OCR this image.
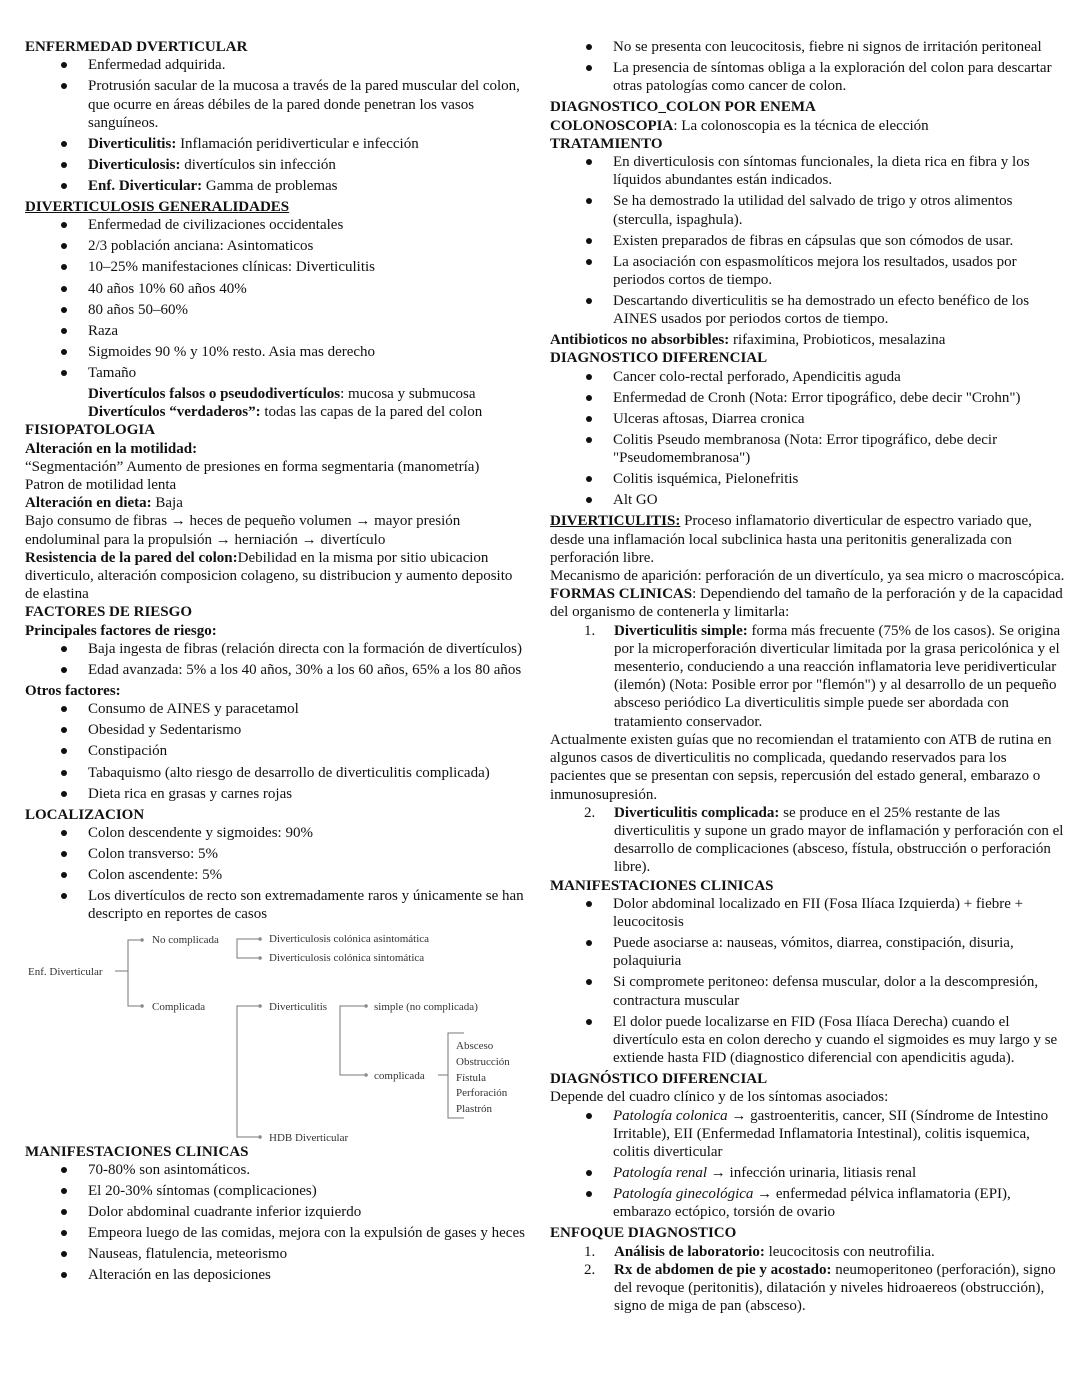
ENFERMEDAD DVERTICULAR
Enfermedad adquirida.
Protrusión sacular de la mucosa a través de la pared muscular del colon, que ocurre en áreas débiles de la pared donde penetran los vasos sanguíneos.
Diverticulitis: Inflamación peridiverticular e infección
Diverticulosis: divertículos sin infección
Enf. Diverticular: Gamma de problemas
DIVERTICULOSIS GENERALIDADES
Enfermedad de civilizaciones occidentales
2/3 población anciana: Asintomaticos
10–25% manifestaciones clínicas: Diverticulitis
40 años 10% 60 años 40%
80 años 50–60%
Raza
Sigmoides 90 % y 10% resto. Asia mas derecho
Tamaño

Divertículos falsos o pseudodivertículos: mucosa y submucosa

Divertículos “verdaderos”: todas las capas de la pared del colon

FISIOPATOLOGIA

Alteración en la motilidad:

“Segmentación” Aumento de presiones en forma segmentaria (manometría)

Patron de motilidad lenta

Alteración en dieta: Baja

Bajo consumo de fibras → heces de pequeño volumen → mayor presión endoluminal para la propulsión → herniación → divertículo

Resistencia de la pared del colon:Debilidad en la misma por sitio ubicacion diverticulo, alteración composicion colageno, su distribucion y aumento deposito de elastina

FACTORES DE RIESGO

Principales factores de riesgo:

Baja ingesta de fibras (relación directa con la formación de divertículos)
Edad avanzada: 5% a los 40 años, 30% a los 60 años, 65% a los 80 años

Otros factores:

Consumo de AINES y paracetamol
Obesidad y Sedentarismo
Constipación
Tabaquismo (alto riesgo de desarrollo de diverticulitis complicada)
Dieta rica en grasas y carnes rojas
LOCALIZACION
Colon descendente y sigmoides: 90%
Colon transverso: 5%
Colon ascendente: 5%
Los divertículos de recto son extremadamente raros y únicamente se han descripto en reportes de casos
Enf. Diverticular
No complicada
Complicada
Diverticulosis colónica asintomática
Diverticulosis colónica sintomática
Diverticulitis
HDB Diverticular
simple (no complicada)
complicada
Absceso
Obstrucción
Fístula
Perforación
Plastrón
MANIFESTACIONES CLINICAS
70-80% son asintomáticos.
El 20-30% síntomas (complicaciones)
Dolor abdominal cuadrante inferior izquierdo
Empeora luego de las comidas, mejora con la expulsión de gases y heces
Nauseas, flatulencia, meteorismo
Alteración en las deposiciones
No se presenta con leucocitosis, fiebre ni signos de irritación peritoneal
La presencia de síntomas obliga a la exploración del colon para descartar otras patologías como cancer de colon.
DIAGNOSTICO_COLON POR ENEMA

COLONOSCOPIA: La colonoscopia es la técnica de elección

TRATAMIENTO
En diverticulosis con síntomas funcionales, la dieta rica en fibra y los líquidos abundantes están indicados.
Se ha demostrado la utilidad del salvado de trigo y otros alimentos (sterculla, ispaghula).
Existen preparados de fibras en cápsulas que son cómodos de usar.
La asociación con espasmolíticos mejora los resultados, usados por periodos cortos de tiempo.
Descartando diverticulitis se ha demostrado un efecto benéfico de los AINES usados por periodos cortos de tiempo.

Antibioticos no absorbibles: rifaximina, Probioticos, mesalazina

DIAGNOSTICO DIFERENCIAL
Cancer colo-rectal perforado, Apendicitis aguda
Enfermedad de Cronh (Nota: Error tipográfico, debe decir "Crohn")
Ulceras aftosas, Diarrea cronica
Colitis Pseudo membranosa (Nota: Error tipográfico, debe decir "Pseudomembranosa")
Colitis isquémica, Pielonefritis
Alt GO

DIVERTICULITIS: Proceso inflamatorio diverticular de espectro variado que, desde una inflamación local subclinica hasta una peritonitis generalizada con perforación libre.

Mecanismo de aparición: perforación de un divertículo, ya sea micro o macroscópica.

FORMAS CLINICAS: Dependiendo del tamaño de la perforación y de la capacidad del organismo de contenerla y limitarla:

1. Diverticulitis simple: forma más frecuente (75% de los casos). Se origina por la microperforación diverticular limitada por la grasa pericolónica y el mesenterio, conduciendo a una reacción inflamatoria leve peridiverticular (ilemón) (Nota: Posible error por "flemón") y al desarrollo de un pequeño absceso periódico La diverticulitis simple puede ser abordada con tratamiento conservador.

Actualmente existen guías que no recomiendan el tratamiento con ATB de rutina en algunos casos de diverticulitis no complicada, quedando reservados para los pacientes que se presentan con sepsis, repercusión del estado general, embarazo o inmunosupresión.

2. Diverticulitis complicada: se produce en el 25% restante de las diverticulitis y supone un grado mayor de inflamación y perforación con el desarrollo de complicaciones (absceso, fístula, obstrucción o perforación libre).
MANIFESTACIONES CLINICAS
Dolor abdominal localizado en FII (Fosa Ilíaca Izquierda) + fiebre + leucocitosis
Puede asociarse a: nauseas, vómitos, diarrea, constipación, disuria, polaquiuria
Si compromete peritoneo: defensa muscular, dolor a la descompresión, contractura muscular
El dolor puede localizarse en FID (Fosa Ilíaca Derecha) cuando el divertículo esta en colon derecho y cuando el sigmoides es muy largo y se extiende hasta FID (diagnostico diferencial con apendicitis aguda).
DIAGNÓSTICO DIFERENCIAL

Depende del cuadro clínico y de los síntomas asociados:

Patología colonica → gastroenteritis, cancer, SII (Síndrome de Intestino Irritable), EII (Enfermedad Inflamatoria Intestinal), colitis isquemica, colitis diverticular
Patología renal → infección urinaria, litiasis renal
Patología ginecológica → enfermedad pélvica inflamatoria (EPI), embarazo ectópico, torsión de ovario
ENFOQUE DIAGNOSTICO
1. Análisis de laboratorio: leucocitosis con neutrofilia.
2. Rx de abdomen de pie y acostado: neumoperitoneo (perforación), signo del revoque (peritonitis), dilatación y niveles hidroaereos (obstrucción), signo de miga de pan (absceso).
